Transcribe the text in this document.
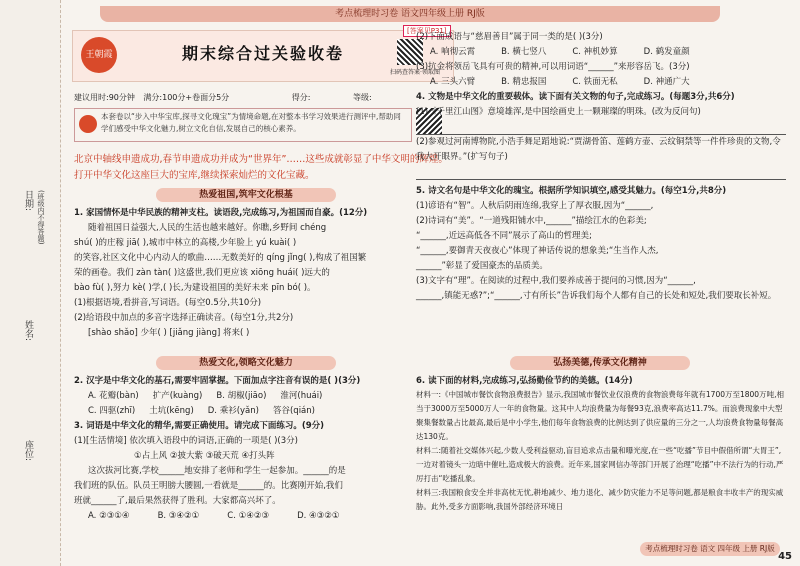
日期: (班级内不得答题)
姓名:
座位:
考点梳理时习卷 语文四年级上册 RJ版
王朝霞	期末综合过关验收卷
[答案见P31]
扫码查答案·领取图
建议用时:90分钟 满分:100分+卷面分5分	得分:	等级:
本套卷以“步入中华宝库,探寻文化瑰宝”为情境命题,在对整本书学习效果进行测评中,帮助同学们感受中华文化魅力,树立文化自信,发展自己的核心素养。
北京中轴线申遗成功,春节申遗成功并成为“世界年”……这些成就彰显了中华文明的辉煌。打开中华文化这座巨大的宝库,继续探索灿烂的文化宝藏。
热爱祖国,筑牢文化根基
1. 家国情怀是中华民族的精神支柱。读语段,完成练习,为祖国而自豪。(12分)
随着祖国日益强大,人民的生活也越来越好。你瞧,乡野间 chéng
shú( )的庄稼 jiā( ),城市中林立的高楼,少年脸上 yú kuài( )
的笑容,社区文化中心内动人的歌曲……无数美好的 qíng jǐng( ),构成了祖国繁
荣的画卷。我们 zàn tàn( )这盛世,我们更应该 xiōng huái( )远大的
bào fù( ),努力 kè( )学,( )长,为建设祖国的美好未来 pīn bó( )。
(1)根据语境,看拼音,写词语。(每空0.5分,共10分)
(2)给语段中加点的多音字选择正确读音。(每空1分,共2分)
[shào shǎo] 少年( ) [jiǎng jiàng] 将来( )
热爱文化,领略文化魅力
2. 汉字是中华文化的基石,需要牢固掌握。下面加点字注音有误的是( )(3分)
A. 花瓣(bàn) 扩产(kuàng) B. 胡椒(jiāo) 淮河(huái)
C. 四驱(zhī) 土坑(kēng) D. 乘衫(yǎn) 答谷(qián)
3. 词语是中华文化的精华,需要正确使用。请完成下面练习。(9分)
(1)[生活情境] 依次填入语段中的词语,正确的一项是( )(3分)
①占上风 ②披大紫 ③破天荒 ④打头阵
这次拔河比赛,学校______地安排了老师和学生一起参加。______的是
我们班的队伍。队员王明膀大腰圆,一看就是______的。比赛刚开始,我们
班就______了,最后果然获得了胜利。大家都高兴坏了。
A. ②③①④	B. ③④②①	C. ①④②③	D. ④③②①
(2)下面成语与“慈眉善目”属于同一类的是( )(3分)
A. 响彻云霄	B. 横七竖八	C. 神机妙算	D. 鹤发童颜
(3)抗金将领岳飞具有可贵的精神,可以用词语“______”来形容岳飞。(3分)
A. 三头六臂	B. 精忠报国	C. 铁面无私	D. 神通广大
4. 文物是中华文化的重要载体。读下面有关文物的句子,完成练习。(每题3分,共6分)
(1)《千里江山图》意境雄浑,是中国绘画史上一颗璀璨的明珠。(改为反问句)
(2)参观过河南博物院,小浩手舞足蹈地说:“贾湖骨笛、莲鹤方壶、云纹铜禁等一件件珍贵的文物,令我大开眼界。”(扩写句子)
5. 诗文名句是中华文化的瑰宝。根据所学知识填空,感受其魅力。(每空1分,共8分)
(1)谚语有“智”。人秋后阴雨连绵,我穿上了厚衣服,因为“______,
(2)诗词有“美”。“一道残阳铺水中,______”描绘江水的色彩美;
“______,近远高低各不同”展示了高山的哲理美;
“______,要御青天夜夜心”体现了神话传说的想象美;“生当作人杰,
______”彰显了爱国豪杰的品质美。
(3)文字有“理”。在阅读的过程中,我们要养成善于提问的习惯,因为“______,
______,镇能无惑?”;“______,寸有所长”告诉我们每个人都有自己的长处和短处,我们要取长补短。
弘扬美德,传承文化精神
6. 读下面的材料,完成练习,弘扬勤俭节约的美德。(14分)
材料一:《中国城市餐饮食物浪费报告》显示,我国城市餐饮业仅浪费的食物浪费每年就有1700万至1800万吨,相当于3000万至5000万人一年的食物量。这其中人均浪费量为每餐93克,浪费率高达11.7%。而浪费现象中大型聚集餐数量占比最高,最后是中小学生,他们每年食物浪费的比例达到了供应量的三分之一,人均浪费食物量每餐高达130克。
材料二:随着社交媒体兴起,少数人受利益驱动,盲目追求点击量和曝光度,在一些“吃播”节目中假借所谓“大胃王”,一边对着镜头一边暗中催吐,造成极大的浪费。近年来,国家网信办等部门开展了治理“吃播”中不法行为的行动,严厉打击“吃播乱象。
材料三:我国粮食安全并非高枕无忧,耕地减少、地力退化、减少防灾能力不足等问题,都是粮食丰收丰产的现实威胁。此外,受多方面影响,我国外部经济环境日
考点梳理时习卷 语文 四年级 上册 RJ版
45
